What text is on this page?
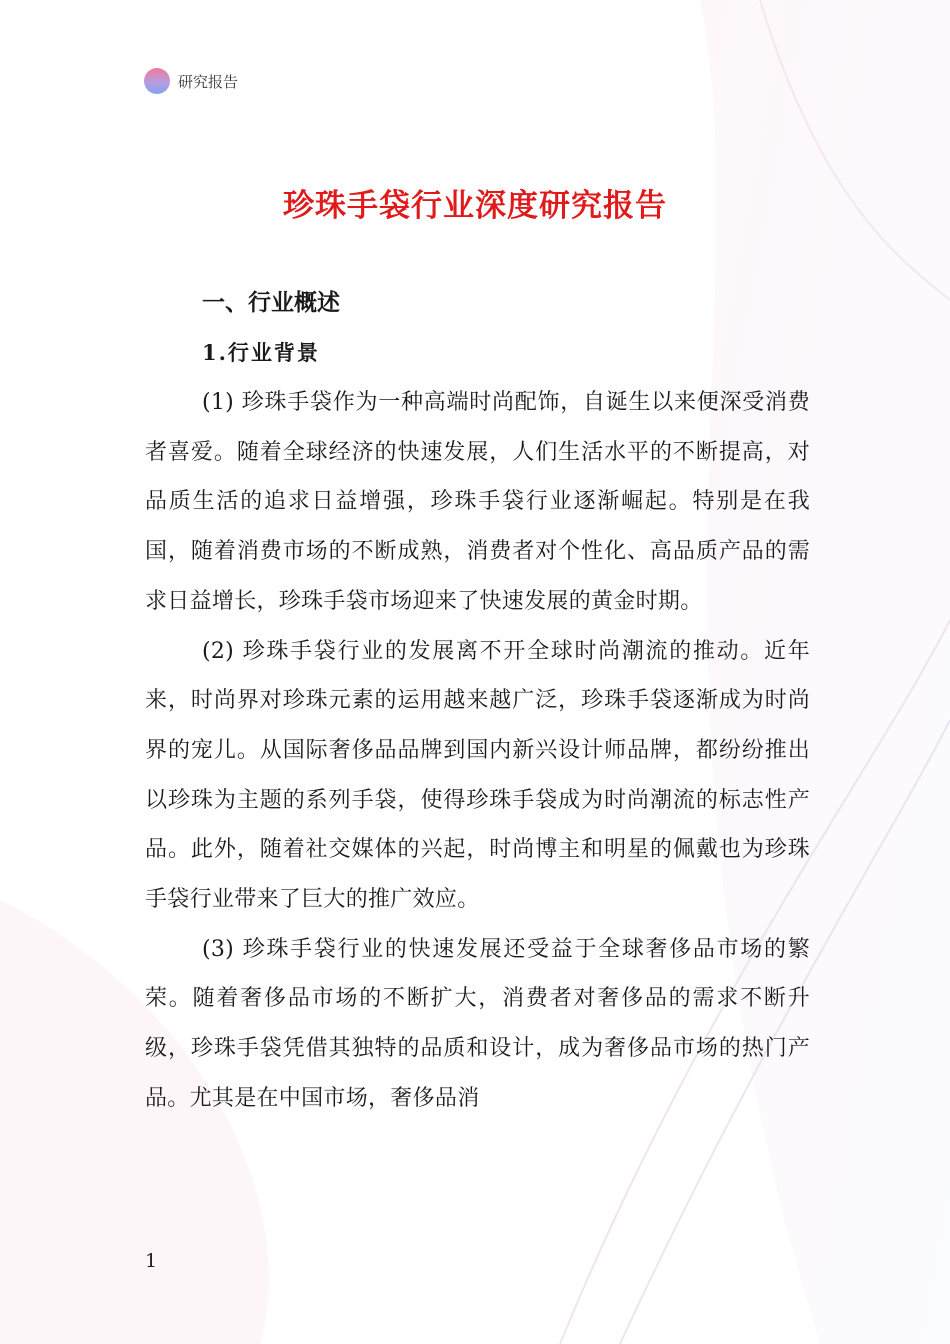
研究报告
珍珠手袋行业深度研究报告
一、行业概述
1.行业背景

(1) 珍珠手袋作为一种高端时尚配饰，自诞生以来便深受消费者喜爱。随着全球经济的快速发展，人们生活水平的不断提高，对品质生活的追求日益增强，珍珠手袋行业逐渐崛起。特别是在我国，随着消费市场的不断成熟，消费者对个性化、高品质产品的需求日益增长，珍珠手袋市场迎来了快速发展的黄金时期。

(2) 珍珠手袋行业的发展离不开全球时尚潮流的推动。近年来，时尚界对珍珠元素的运用越来越广泛，珍珠手袋逐渐成为时尚界的宠儿。从国际奢侈品品牌到国内新兴设计师品牌，都纷纷推出以珍珠为主题的系列手袋，使得珍珠手袋成为时尚潮流的标志性产品。此外，随着社交媒体的兴起，时尚博主和明星的佩戴也为珍珠手袋行业带来了巨大的推广效应。

(3) 珍珠手袋行业的快速发展还受益于全球奢侈品市场的繁荣。随着奢侈品市场的不断扩大，消费者对奢侈品的需求不断升级，珍珠手袋凭借其独特的品质和设计，成为奢侈品市场的热门产品。尤其是在中国市场，奢侈品消

1
